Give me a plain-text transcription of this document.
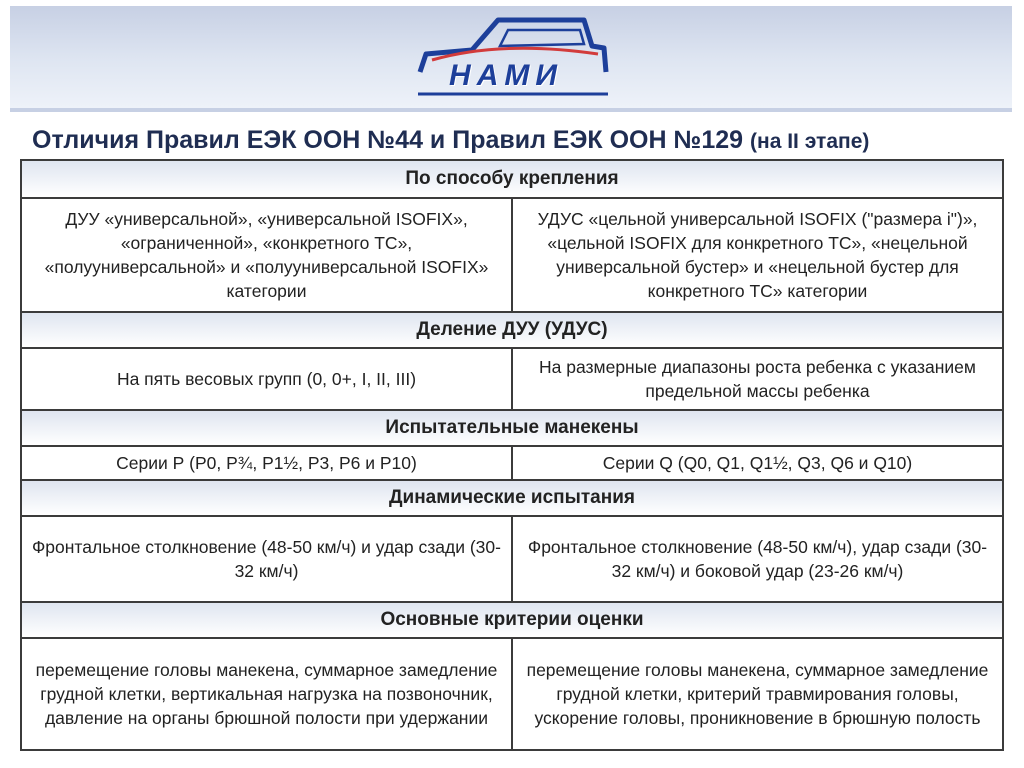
НАМИ
Отличия Правил ЕЭК ООН №44 и Правил ЕЭК ООН №129 (на II этапе)
По способу крепления
ДУУ «универсальной», «универсальной ISOFIX», «ограниченной», «конкретного ТС», «полууниверсальной» и «полууниверсальной ISOFIX» категории
УДУС «цельной универсальной ISOFIX ("размера i")», «цельной ISOFIX для конкретного ТС», «нецельной универсальной бустер» и «нецельной бустер для конкретного ТС» категории
Деление ДУУ (УДУС)
На пять весовых групп (0, 0+, I, II, III)
На размерные диапазоны роста ребенка с указанием предельной массы ребенка
Испытательные манекены
Серии Р (Р0, Р¾, Р1½, Р3, Р6 и Р10)	Серии Q (Q0, Q1, Q1½, Q3, Q6 и Q10)
Динамические испытания
Фронтальное столкновение (48-50 км/ч) и удар сзади (30-32 км/ч)
Фронтальное столкновение (48-50 км/ч), удар сзади (30-32 км/ч) и боковой удар (23-26 км/ч)
Основные критерии оценки
перемещение головы манекена, суммарное замедление грудной клетки, вертикальная нагрузка на позвоночник, давление на органы брюшной полости при удержании
перемещение головы манекена, суммарное замедление грудной клетки, критерий травмирования головы, ускорение головы, проникновение в брюшную полость
